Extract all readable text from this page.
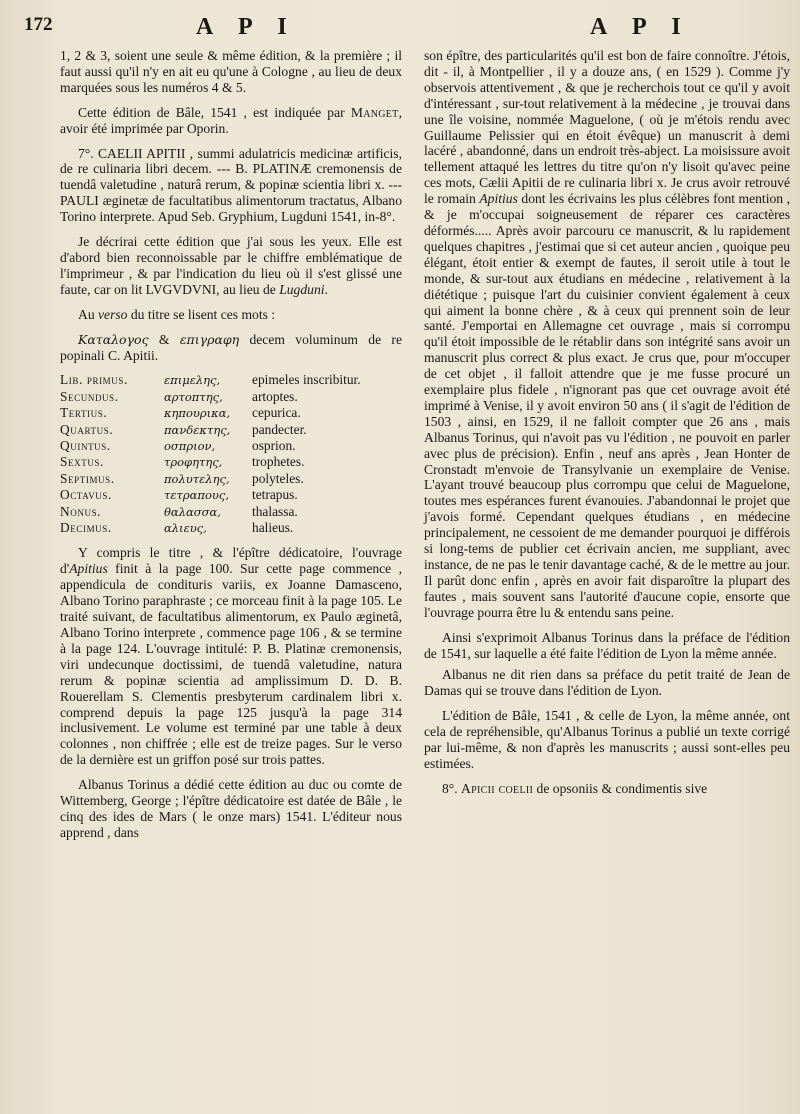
172	A P I	A P I

1, 2 & 3, soient une seule & même édition, & la première ; il faut aussi qu'il n'y en ait eu qu'une à Cologne , au lieu de deux marquées sous les numéros 4 & 5.

Cette édition de Bâle, 1541 , est indiquée par Manget, avoir été imprimée par Oporin.

7°. CAELII APITII , summi adulatricis medicinæ artificis, de re culinaria libri decem. --- B. PLATINÆ cremonensis de tuendâ valetudine , naturâ rerum, & popinæ scientia libri x. --- PAULI æginetæ de facultatibus alimentorum tractatus, Albano Torino interprete. Apud Seb. Gryphium, Lugduni 1541, in-8°.

Je décrirai cette édition que j'ai sous les yeux. Elle est d'abord bien reconnoissable par le chiffre emblématique de l'imprimeur , & par l'indication du lieu où il s'est glissé une faute, car on lit LVGVDVNI, au lieu de Lugduni.

Au verso du titre se lisent ces mots :

Καταλογος & επιγραφη decem voluminum de re popinali C. Apitii.

Lib. primus.	επιμελης,	epimeles inscribitur.
Secundus.	αρτοπτης,	artoptes.
Tertius.	κηπουρικα,	cepurica.
Quartus.	πανδεκτης,	pandecter.
Quintus.	οσπριον,	osprion.
Sextus.	τροφητης,	trophetes.
Septimus.	πολυτελης,	polyteles.
Octavus.	τετραπους,	tetrapus.
Nonus.	θαλασσα,	thalassa.
Decimus.	αλιευς,	halieus.

Y compris le titre , & l'épître dédicatoire, l'ouvrage d'Apitius finit à la page 100. Sur cette page commence , appendicula de condituris variis, ex Joanne Damasceno, Albano Torino paraphraste ; ce morceau finit à la page 105. Le traité suivant, de facultatibus alimentorum, ex Paulo æginetâ, Albano Torino interprete , commence page 106 , & se termine à la page 124. L'ouvrage intitulé: P. B. Platinæ cremonensis, viri undecunque doctissimi, de tuendâ valetudine, natura rerum & popinæ scientia ad amplissimum D. D. B. Rouerellam S. Clementis presbyterum cardinalem libri x. comprend depuis la page 125 jusqu'à la page 314 inclusivement. Le volume est terminé par une table à deux colonnes , non chiffrée ; elle est de treize pages. Sur le verso de la dernière est un griffon posé sur trois pattes.

Albanus Torinus a dédié cette édition au duc ou comte de Wittemberg, George ; l'épître dédicatoire est datée de Bâle , le cinq des ides de Mars ( le onze mars) 1541. L'éditeur nous apprend , dans

son épître, des particularités qu'il est bon de faire connoître. J'étois, dit - il, à Montpellier , il y a douze ans, ( en 1529 ). Comme j'y observois attentivement , & que je recherchois tout ce qu'il y avoit d'intéressant , sur-tout relativement à la médecine , je trouvai dans une île voisine, nommée Maguelone, ( où je m'étois rendu avec Guillaume Pelissier qui en étoit évêque) un manuscrit à demi lacéré , abandonné, dans un endroit très-abject. La moisissure avoit tellement attaqué les lettres du titre qu'on n'y lisoit qu'avec peine ces mots, Cælii Apitii de re culinaria libri x. Je crus avoir retrouvé le romain Apitius dont les écrivains les plus célèbres font mention , & je m'occupai soigneusement de réparer ces caractères déformés..... Après avoir parcouru ce manuscrit, & lu rapidement quelques chapitres , j'estimai que si cet auteur ancien , quoique peu élégant, étoit entier & exempt de fautes, il seroit utile à tout le monde, & sur-tout aux étudians en médecine , relativement à la diététique ; puisque l'art du cuisinier convient également à ceux qui aiment la bonne chère , & à ceux qui prennent soin de leur santé. J'emportai en Allemagne cet ouvrage , mais si corrompu qu'il étoit impossible de le rétablir dans son intégrité sans avoir un manuscrit plus correct & plus exact. Je crus que, pour m'occuper de cet objet , il falloit attendre que je me fusse procuré un exemplaire plus fidele , n'ignorant pas que cet ouvrage avoit été imprimé à Venise, il y avoit environ 50 ans ( il s'agit de l'édition de 1503 , ainsi, en 1529, il ne falloit compter que 26 ans , mais Albanus Torinus, qui n'avoit pas vu l'édition , ne pouvoit en parler avec plus de précision). Enfin , neuf ans après , Jean Honter de Cronstadt m'envoie de Transylvanie un exemplaire de Venise. L'ayant trouvé beaucoup plus corrompu que celui de Maguelone, toutes mes espérances furent évanouies. J'abandonnai le projet que j'avois formé. Cependant quelques étudians , en médecine principalement, ne cessoient de me demander pourquoi je différois si long-tems de publier cet écrivain ancien, me suppliant, avec instance, de ne pas le tenir davantage caché, & de le mettre au jour. Il parût donc enfin , après en avoir fait disparoître la plupart des fautes , mais souvent sans l'autorité d'aucune copie, ensorte que l'ouvrage pourra être lu & entendu sans peine.

Ainsi s'exprimoit Albanus Torinus dans la préface de l'édition de 1541, sur laquelle a été faite l'édition de Lyon la même année.

Albanus ne dit rien dans sa préface du petit traité de Jean de Damas qui se trouve dans l'édition de Lyon.

L'édition de Bâle, 1541 , & celle de Lyon, la même année, ont cela de repréhensible, qu'Albanus Torinus a publié un texte corrigé par lui-même, & non d'après les manuscrits ; aussi sont-elles peu estimées.

8°. Apicii coelii de opsoniis & condimentis sive
